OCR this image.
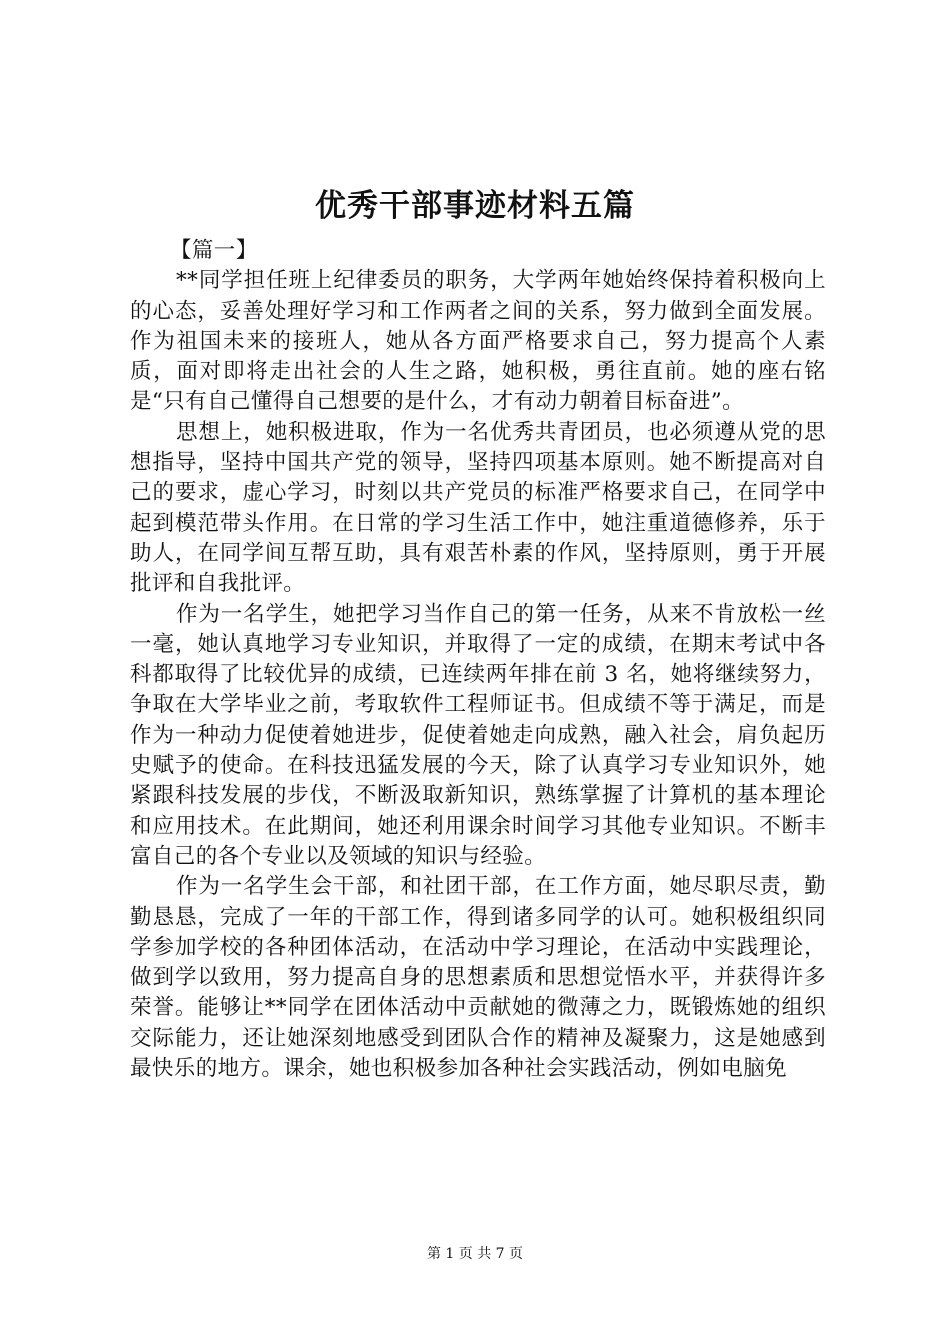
优秀干部事迹材料五篇

【篇一】

**同学担任班上纪律委员的职务，大学两年她始终保持着积极向上的心态，妥善处理好学习和工作两者之间的关系，努力做到全面发展。作为祖国未来的接班人，她从各方面严格要求自己，努力提高个人素质，面对即将走出社会的人生之路，她积极，勇往直前。她的座右铭是“只有自己懂得自己想要的是什么，才有动力朝着目标奋进”。

思想上，她积极进取，作为一名优秀共青团员，也必须遵从党的思想指导，坚持中国共产党的领导，坚持四项基本原则。她不断提高对自己的要求，虚心学习，时刻以共产党员的标准严格要求自己，在同学中起到模范带头作用。在日常的学习生活工作中，她注重道德修养，乐于助人，在同学间互帮互助，具有艰苦朴素的作风，坚持原则，勇于开展批评和自我批评。

作为一名学生，她把学习当作自己的第一任务，从来不肯放松一丝一毫，她认真地学习专业知识，并取得了一定的成绩，在期末考试中各科都取得了比较优异的成绩，已连续两年排在前 3 名，她将继续努力，争取在大学毕业之前，考取软件工程师证书。但成绩不等于满足，而是作为一种动力促使着她进步，促使着她走向成熟，融入社会，肩负起历史赋予的使命。在科技迅猛发展的今天，除了认真学习专业知识外，她紧跟科技发展的步伐，不断汲取新知识，熟练掌握了计算机的基本理论和应用技术。在此期间，她还利用课余时间学习其他专业知识。不断丰富自己的各个专业以及领域的知识与经验。

作为一名学生会干部，和社团干部，在工作方面，她尽职尽责，勤勤恳恳，完成了一年的干部工作，得到诸多同学的认可。她积极组织同学参加学校的各种团体活动，在活动中学习理论，在活动中实践理论，做到学以致用，努力提高自身的思想素质和思想觉悟水平，并获得许多荣誉。能够让**同学在团体活动中贡献她的微薄之力，既锻炼她的组织交际能力，还让她深刻地感受到团队合作的精神及凝聚力，这是她感到最快乐的地方。课余，她也积极参加各种社会实践活动，例如电脑免

第 1 页 共 7 页
